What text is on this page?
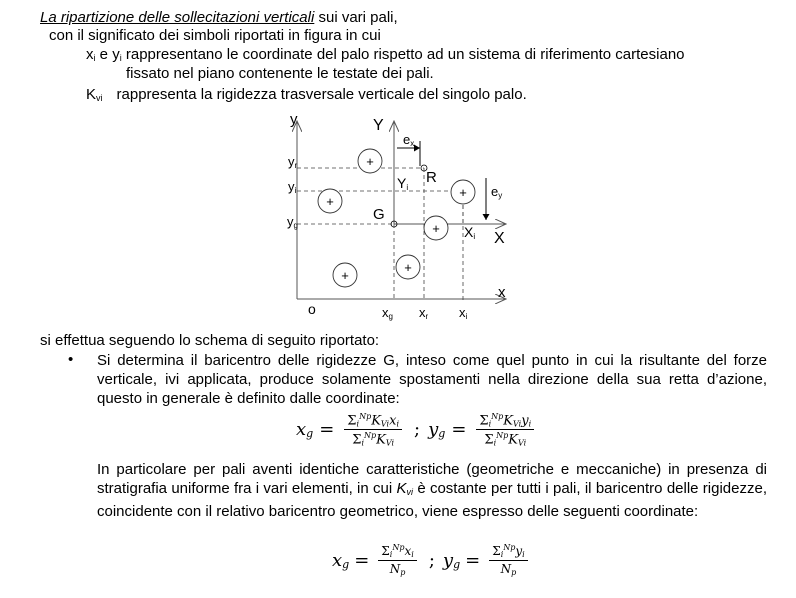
La ripartizione delle sollecitazioni verticali sui vari pali,
con il significato dei simboli riportati in figura in cui
$x_i$ e $y_i$ rappresentano le coordinate del palo rispetto ad un sistema di riferimento cartesiano
fissato nel piano contenente le testate dei pali.
$K_{vi}$ rappresenta la rigidezza trasversale verticale del singolo palo.
+
+
+
+
+
+
y	Y
ex
yr
yi
yg
Yi
R
ey
G
Xi X
x
o	xg xr xi
si effettua seguendo lo schema di seguito riportato:
• Si determina il baricentro delle rigidezze G, inteso come quel punto in cui la risultante del forze verticale, ivi applicata, produce solamente spostamenti nella direzione della sua retta d’azione, questo in generale è definito dalle coordinate:
$x_g = \frac{\Sigma_i^{Np}K_{Vi}x_i}{\Sigma_i^{Np}K_{Vi}}$ ; $y_g = \frac{\Sigma_i^{Np}K_{Vi}y_i}{\Sigma_i^{Np}K_{Vi}}$
In particolare per pali aventi identiche caratteristiche (geometriche e meccaniche) in presenza di stratigrafia uniforme fra i vari elementi, in cui $K_{vi}$ è costante per tutti i pali, il baricentro delle rigidezze, coincidente con il relativo baricentro geometrico, viene espresso delle seguenti coordinate:
$x_g = \frac{\Sigma_i^{Np}x_i}{N_p}$ ; $y_g = \frac{\Sigma_i^{Np}y_i}{N_p}$
